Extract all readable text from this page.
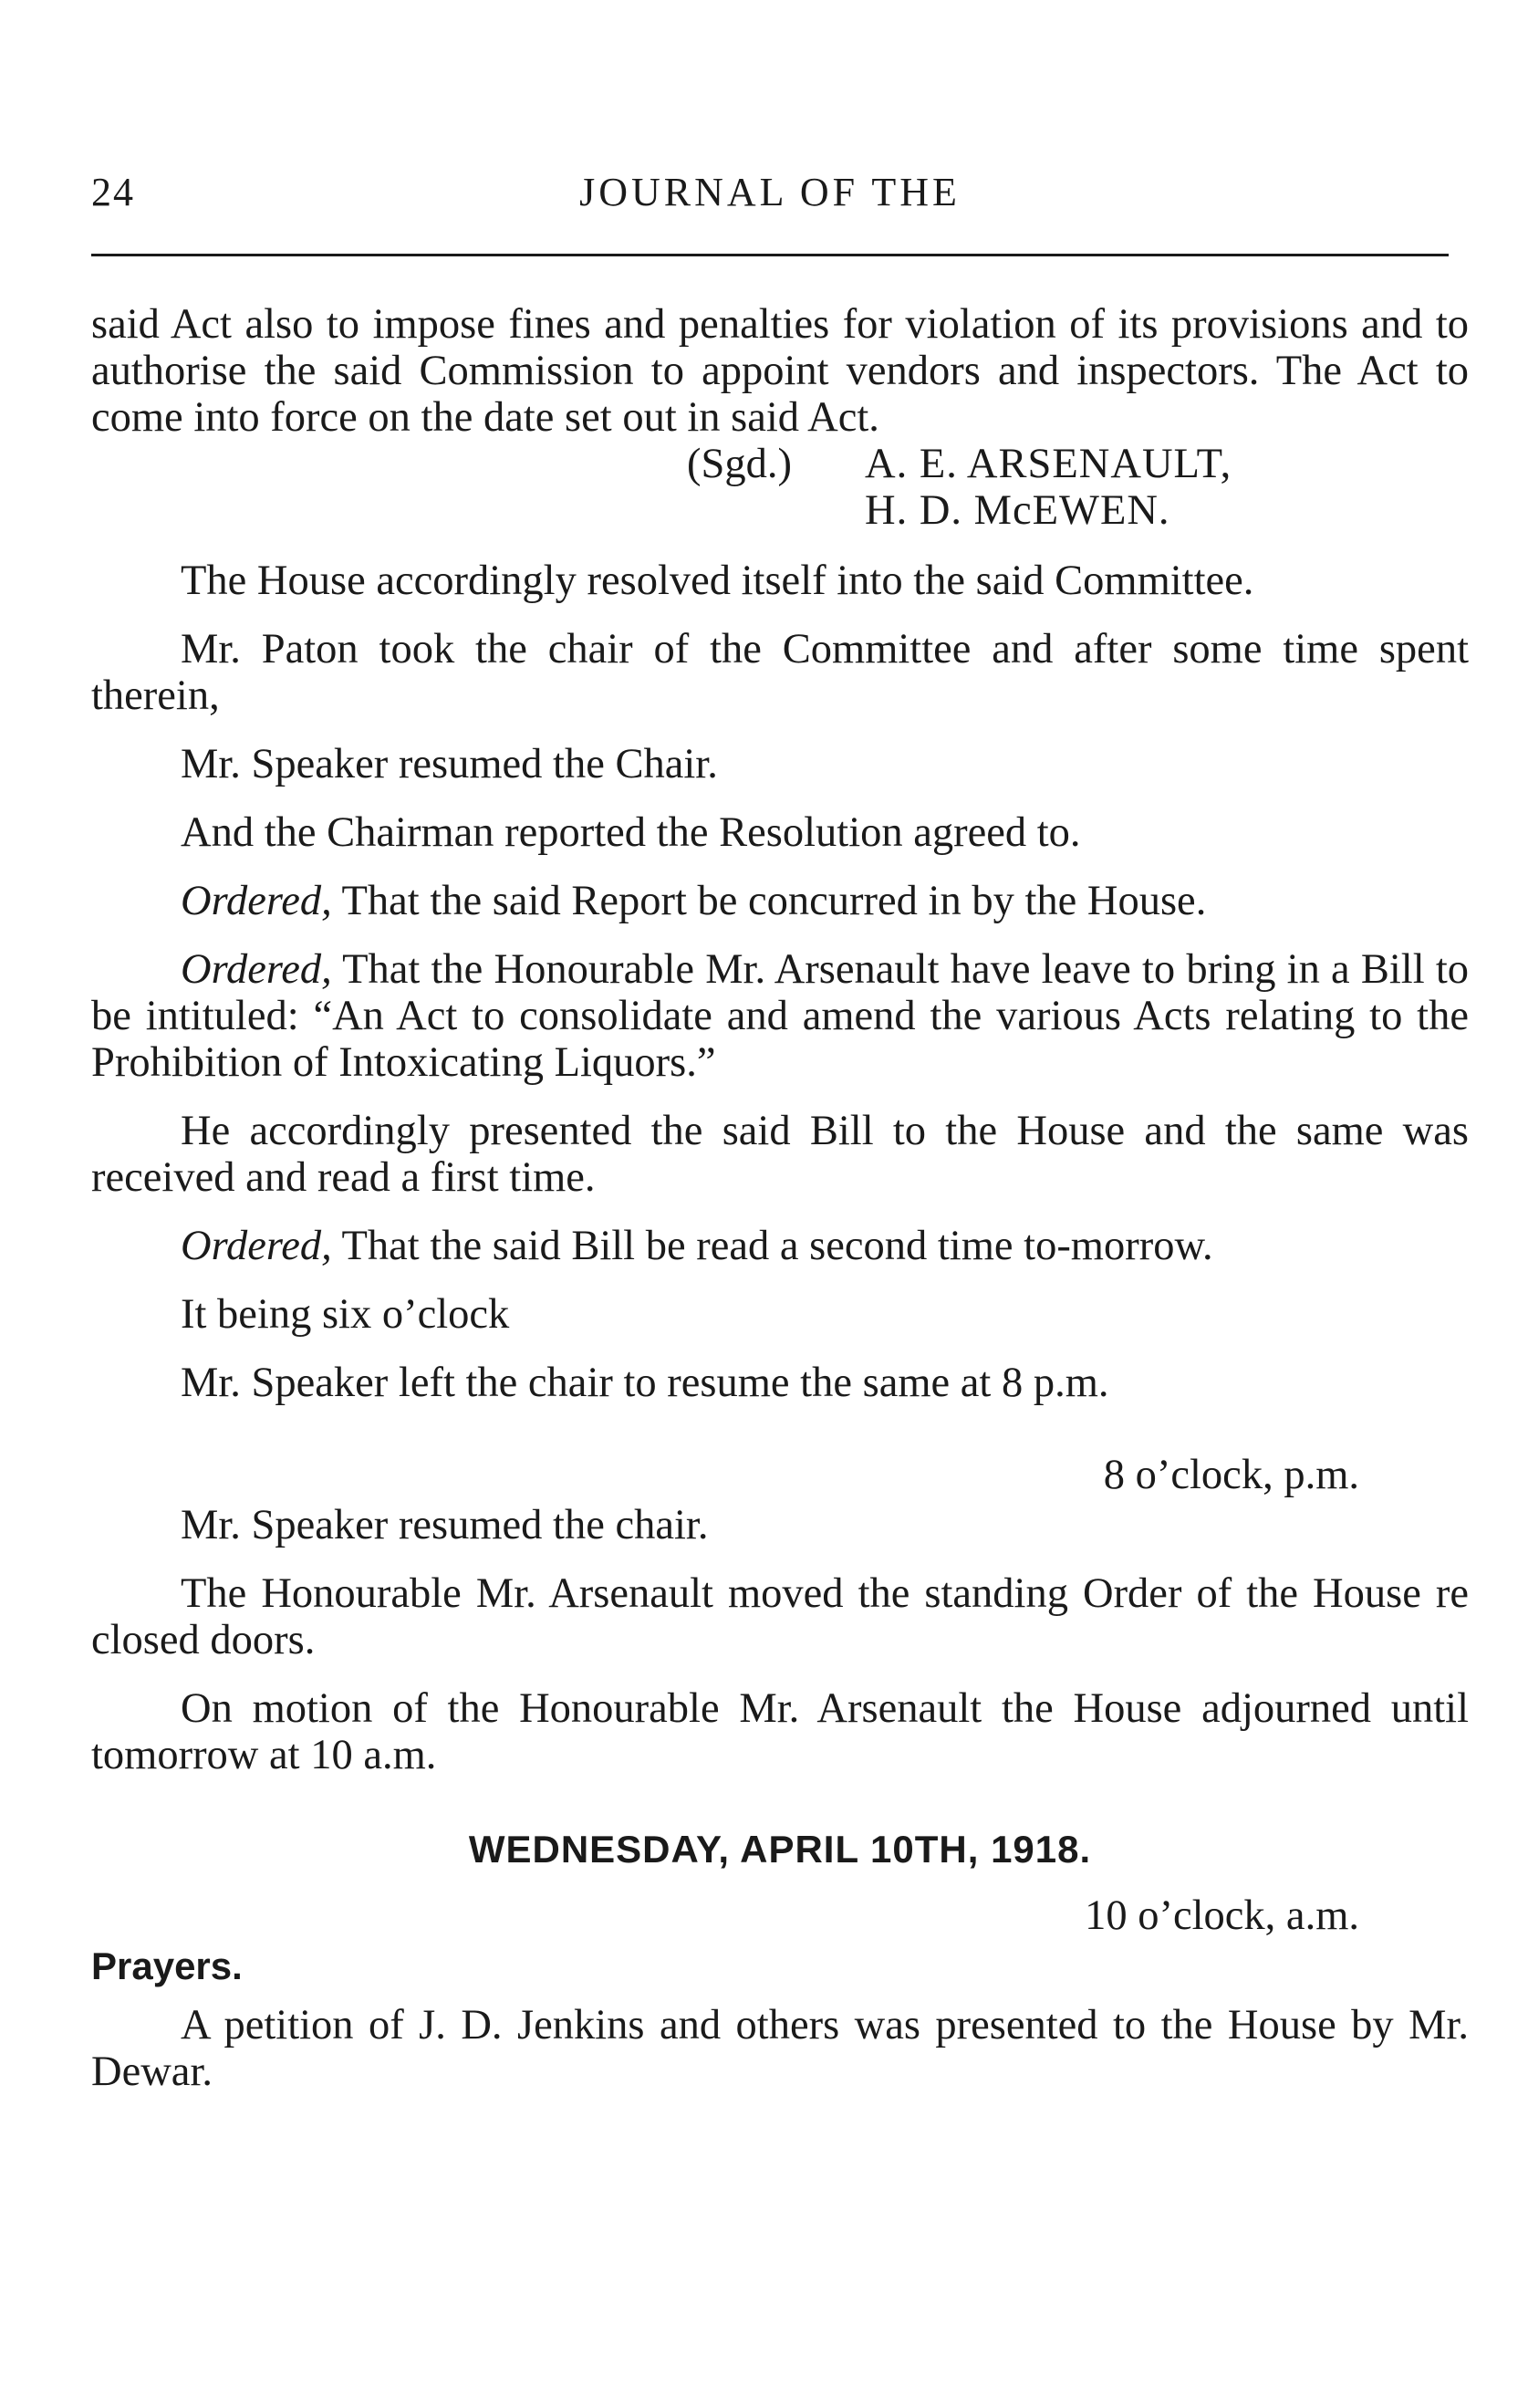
24	JOURNAL OF THE

said Act also to impose fines and penalties for violation of its provisions and to authorise the said Commission to appoint vendors and inspectors. The Act to come into force on the date set out in said Act.

(Sgd.) A. E. ARSENAULT,
H. D. McEWEN.

The House accordingly resolved itself into the said Committee.

Mr. Paton took the chair of the Committee and after some time spent therein,

Mr. Speaker resumed the Chair.

And the Chairman reported the Resolution agreed to.

Ordered, That the said Report be concurred in by the House.

Ordered, That the Honourable Mr. Arsenault have leave to bring in a Bill to be intituled: “An Act to consolidate and amend the various Acts relating to the Prohibition of Intoxicating Liquors.”

He accordingly presented the said Bill to the House and the same was received and read a first time.

Ordered, That the said Bill be read a second time to-morrow.

It being six o’clock

Mr. Speaker left the chair to resume the same at 8 p.m.

8 o’clock, p.m.

Mr. Speaker resumed the chair.

The Honourable Mr. Arsenault moved the standing Order of the House re closed doors.

On motion of the Honourable Mr. Arsenault the House adjourned until tomorrow at 10 a.m.

WEDNESDAY, APRIL 10TH, 1918.

10 o’clock, a.m.

Prayers.

A petition of J. D. Jenkins and others was presented to the House by Mr. Dewar.
